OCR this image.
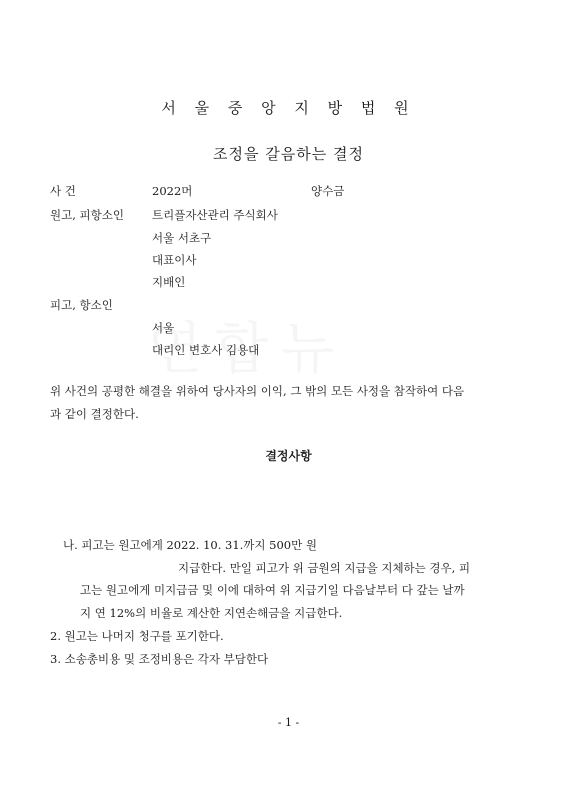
서 울 중 앙 지 방 법 원
조정을 갈음하는 결정
사 건	2022머	양수금
원고, 피항소인 트리플자산관리 주식회사
서울 서초구
대표이사
지배인
피고, 항소인
서울
대리인 변호사 김용대
위 사건의 공평한 해결을 위하여 당사자의 이익, 그 밖의 모든 사정을 참작하여 다음
과 같이 결정한다.
결정사항
나. 피고는 원고에게 2022. 10. 31.까지 500만 원
지급한다. 만일 피고가 위 금원의 지급을 지체하는 경우, 피
고는 원고에게 미지급금 및 이에 대하여 위 지급기일 다음날부터 다 갚는 날까
지 연 12%의 비율로 계산한 지연손해금을 지급한다.
2. 원고는 나머지 청구를 포기한다.
3. 소송총비용 및 조정비용은 각자 부담한다
- 1 -
